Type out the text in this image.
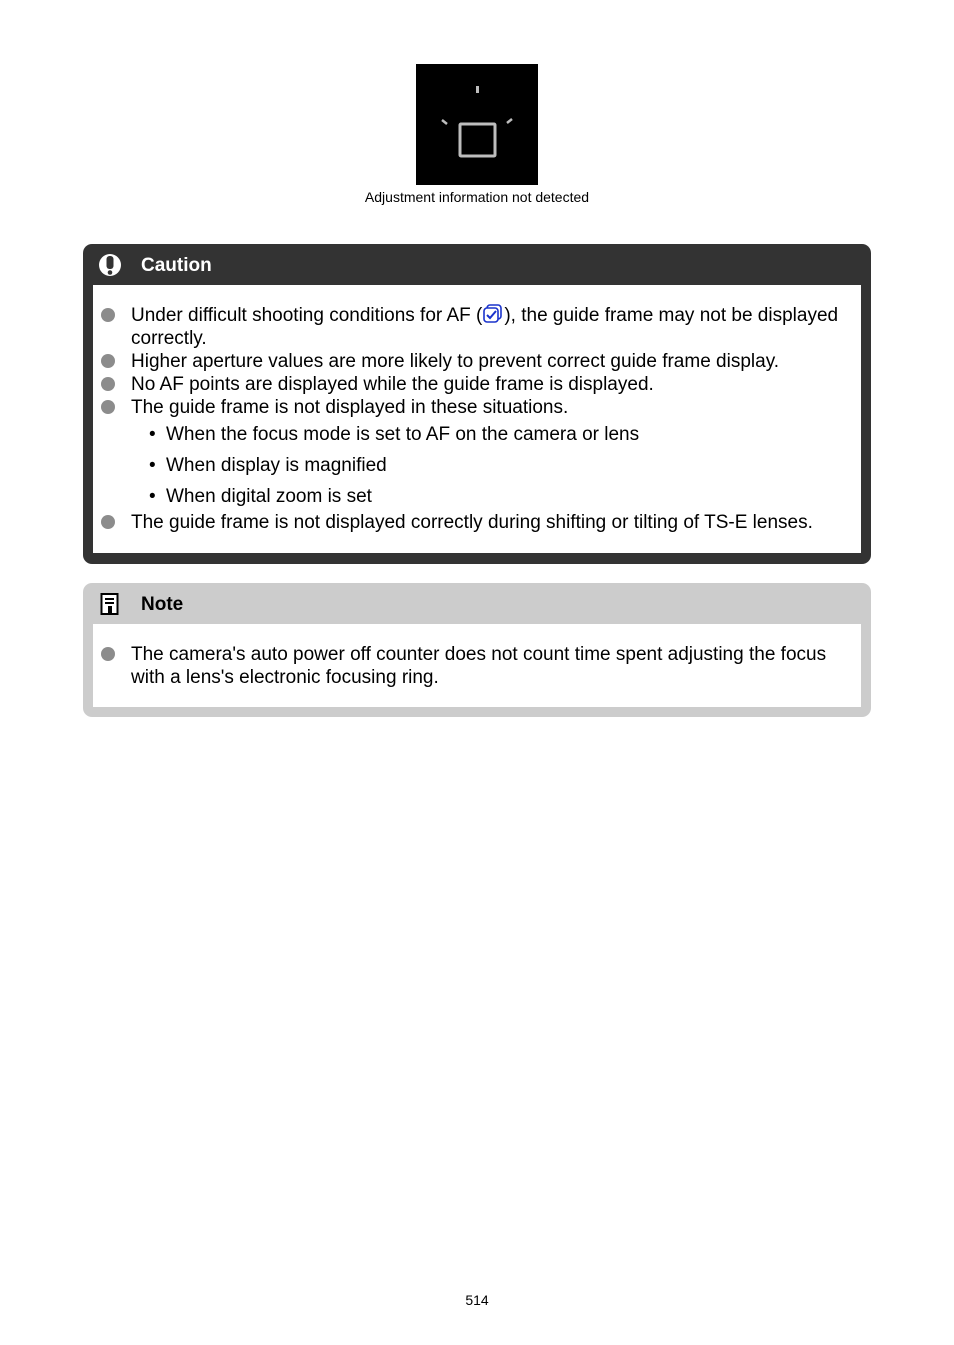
Adjustment information not detected
Caution
Under difficult shooting conditions for AF ( ), the guide frame may not be displayed correctly.
Higher aperture values are more likely to prevent correct guide frame display.
No AF points are displayed while the guide frame is displayed.
The guide frame is not displayed in these situations.
• When the focus mode is set to AF on the camera or lens
• When display is magnified
• When digital zoom is set
The guide frame is not displayed correctly during shifting or tilting of TS-E lenses.
Note
The camera's auto power off counter does not count time spent adjusting the focus with a lens's electronic focusing ring.
514
